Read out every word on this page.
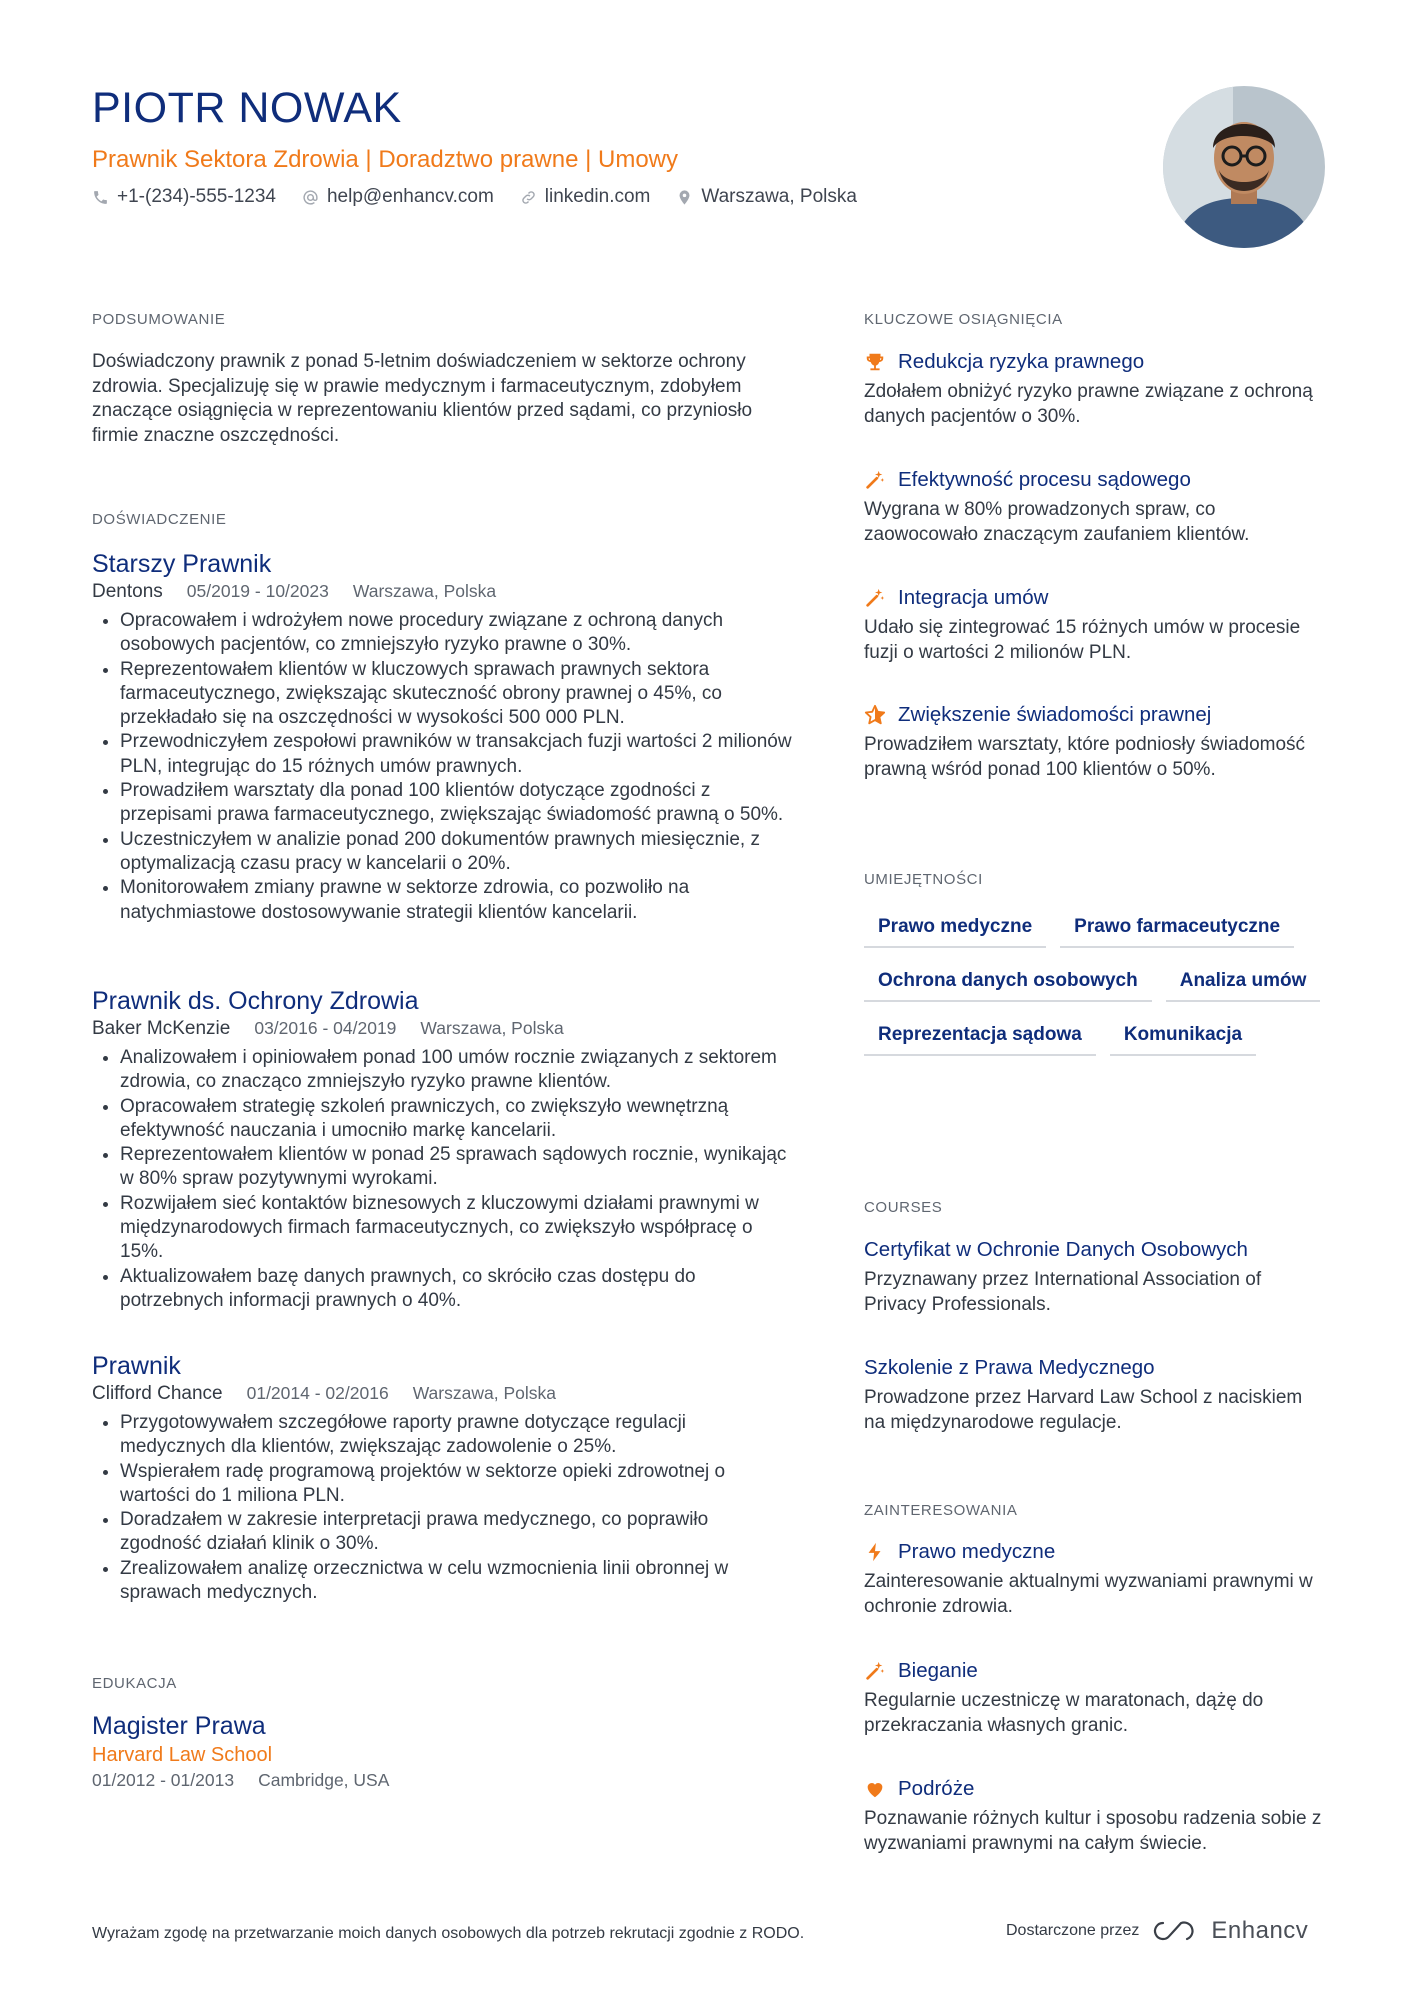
PIOTR NOWAK
Prawnik Sektora Zdrowia | Doradztwo prawne | Umowy
+1-(234)-555-1234	help@enhancv.com	linkedin.com	Warszawa, Polska
PODSUMOWANIE
Doświadczony prawnik z ponad 5-letnim doświadczeniem w sektorze ochrony zdrowia. Specjalizuję się w prawie medycznym i farmaceutycznym, zdobyłem znaczące osiągnięcia w reprezentowaniu klientów przed sądami, co przyniosło firmie znaczne oszczędności.
DOŚWIADCZENIE
Starszy Prawnik
Dentons 05/2019 - 10/2023 Warszawa, Polska
• Opracowałem i wdrożyłem nowe procedury związane z ochroną danych osobowych pacjentów, co zmniejszyło ryzyko prawne o 30%.
• Reprezentowałem klientów w kluczowych sprawach prawnych sektora farmaceutycznego, zwiększając skuteczność obrony prawnej o 45%, co przekładało się na oszczędności w wysokości 500 000 PLN.
• Przewodniczyłem zespołowi prawników w transakcjach fuzji wartości 2 milionów PLN, integrując do 15 różnych umów prawnych.
• Prowadziłem warsztaty dla ponad 100 klientów dotyczące zgodności z przepisami prawa farmaceutycznego, zwiększając świadomość prawną o 50%.
• Uczestniczyłem w analizie ponad 200 dokumentów prawnych miesięcznie, z optymalizacją czasu pracy w kancelarii o 20%.
• Monitorowałem zmiany prawne w sektorze zdrowia, co pozwoliło na natychmiastowe dostosowywanie strategii klientów kancelarii.
Prawnik ds. Ochrony Zdrowia
Baker McKenzie 03/2016 - 04/2019 Warszawa, Polska
• Analizowałem i opiniowałem ponad 100 umów rocznie związanych z sektorem zdrowia, co znacząco zmniejszyło ryzyko prawne klientów.
• Opracowałem strategię szkoleń prawniczych, co zwiększyło wewnętrzną efektywność nauczania i umocniło markę kancelarii.
• Reprezentowałem klientów w ponad 25 sprawach sądowych rocznie, wynikając w 80% spraw pozytywnymi wyrokami.
• Rozwijałem sieć kontaktów biznesowych z kluczowymi działami prawnymi w międzynarodowych firmach farmaceutycznych, co zwiększyło współpracę o 15%.
• Aktualizowałem bazę danych prawnych, co skróciło czas dostępu do potrzebnych informacji prawnych o 40%.
Prawnik
Clifford Chance 01/2014 - 02/2016 Warszawa, Polska
• Przygotowywałem szczegółowe raporty prawne dotyczące regulacji medycznych dla klientów, zwiększając zadowolenie o 25%.
• Wspierałem radę programową projektów w sektorze opieki zdrowotnej o wartości do 1 miliona PLN.
• Doradzałem w zakresie interpretacji prawa medycznego, co poprawiło zgodność działań klinik o 30%.
• Zrealizowałem analizę orzecznictwa w celu wzmocnienia linii obronnej w sprawach medycznych.
EDUKACJA
Magister Prawa
Harvard Law School
01/2012 - 01/2013 Cambridge, USA
KLUCZOWE OSIĄGNIĘCIA
Redukcja ryzyka prawnego
Zdołałem obniżyć ryzyko prawne związane z ochroną danych pacjentów o 30%.
Efektywność procesu sądowego
Wygrana w 80% prowadzonych spraw, co zaowocowało znaczącym zaufaniem klientów.
Integracja umów
Udało się zintegrować 15 różnych umów w procesie fuzji o wartości 2 milionów PLN.
Zwiększenie świadomości prawnej
Prowadziłem warsztaty, które podniosły świadomość prawną wśród ponad 100 klientów o 50%.
UMIEJĘTNOŚCI
Prawo medyczne	Prawo farmaceutyczne
Ochrona danych osobowych	Analiza umów
Reprezentacja sądowa	Komunikacja
COURSES
Certyfikat w Ochronie Danych Osobowych
Przyznawany przez International Association of Privacy Professionals.
Szkolenie z Prawa Medycznego
Prowadzone przez Harvard Law School z naciskiem na międzynarodowe regulacje.
ZAINTERESOWANIA
Prawo medyczne
Zainteresowanie aktualnymi wyzwaniami prawnymi w ochronie zdrowia.
Bieganie
Regularnie uczestniczę w maratonach, dążę do przekraczania własnych granic.
Podróże
Poznawanie różnych kultur i sposobu radzenia sobie z wyzwaniami prawnymi na całym świecie.
Wyrażam zgodę na przetwarzanie moich danych osobowych dla potrzeb rekrutacji zgodnie z RODO.	Dostarczone przez	Enhancv
